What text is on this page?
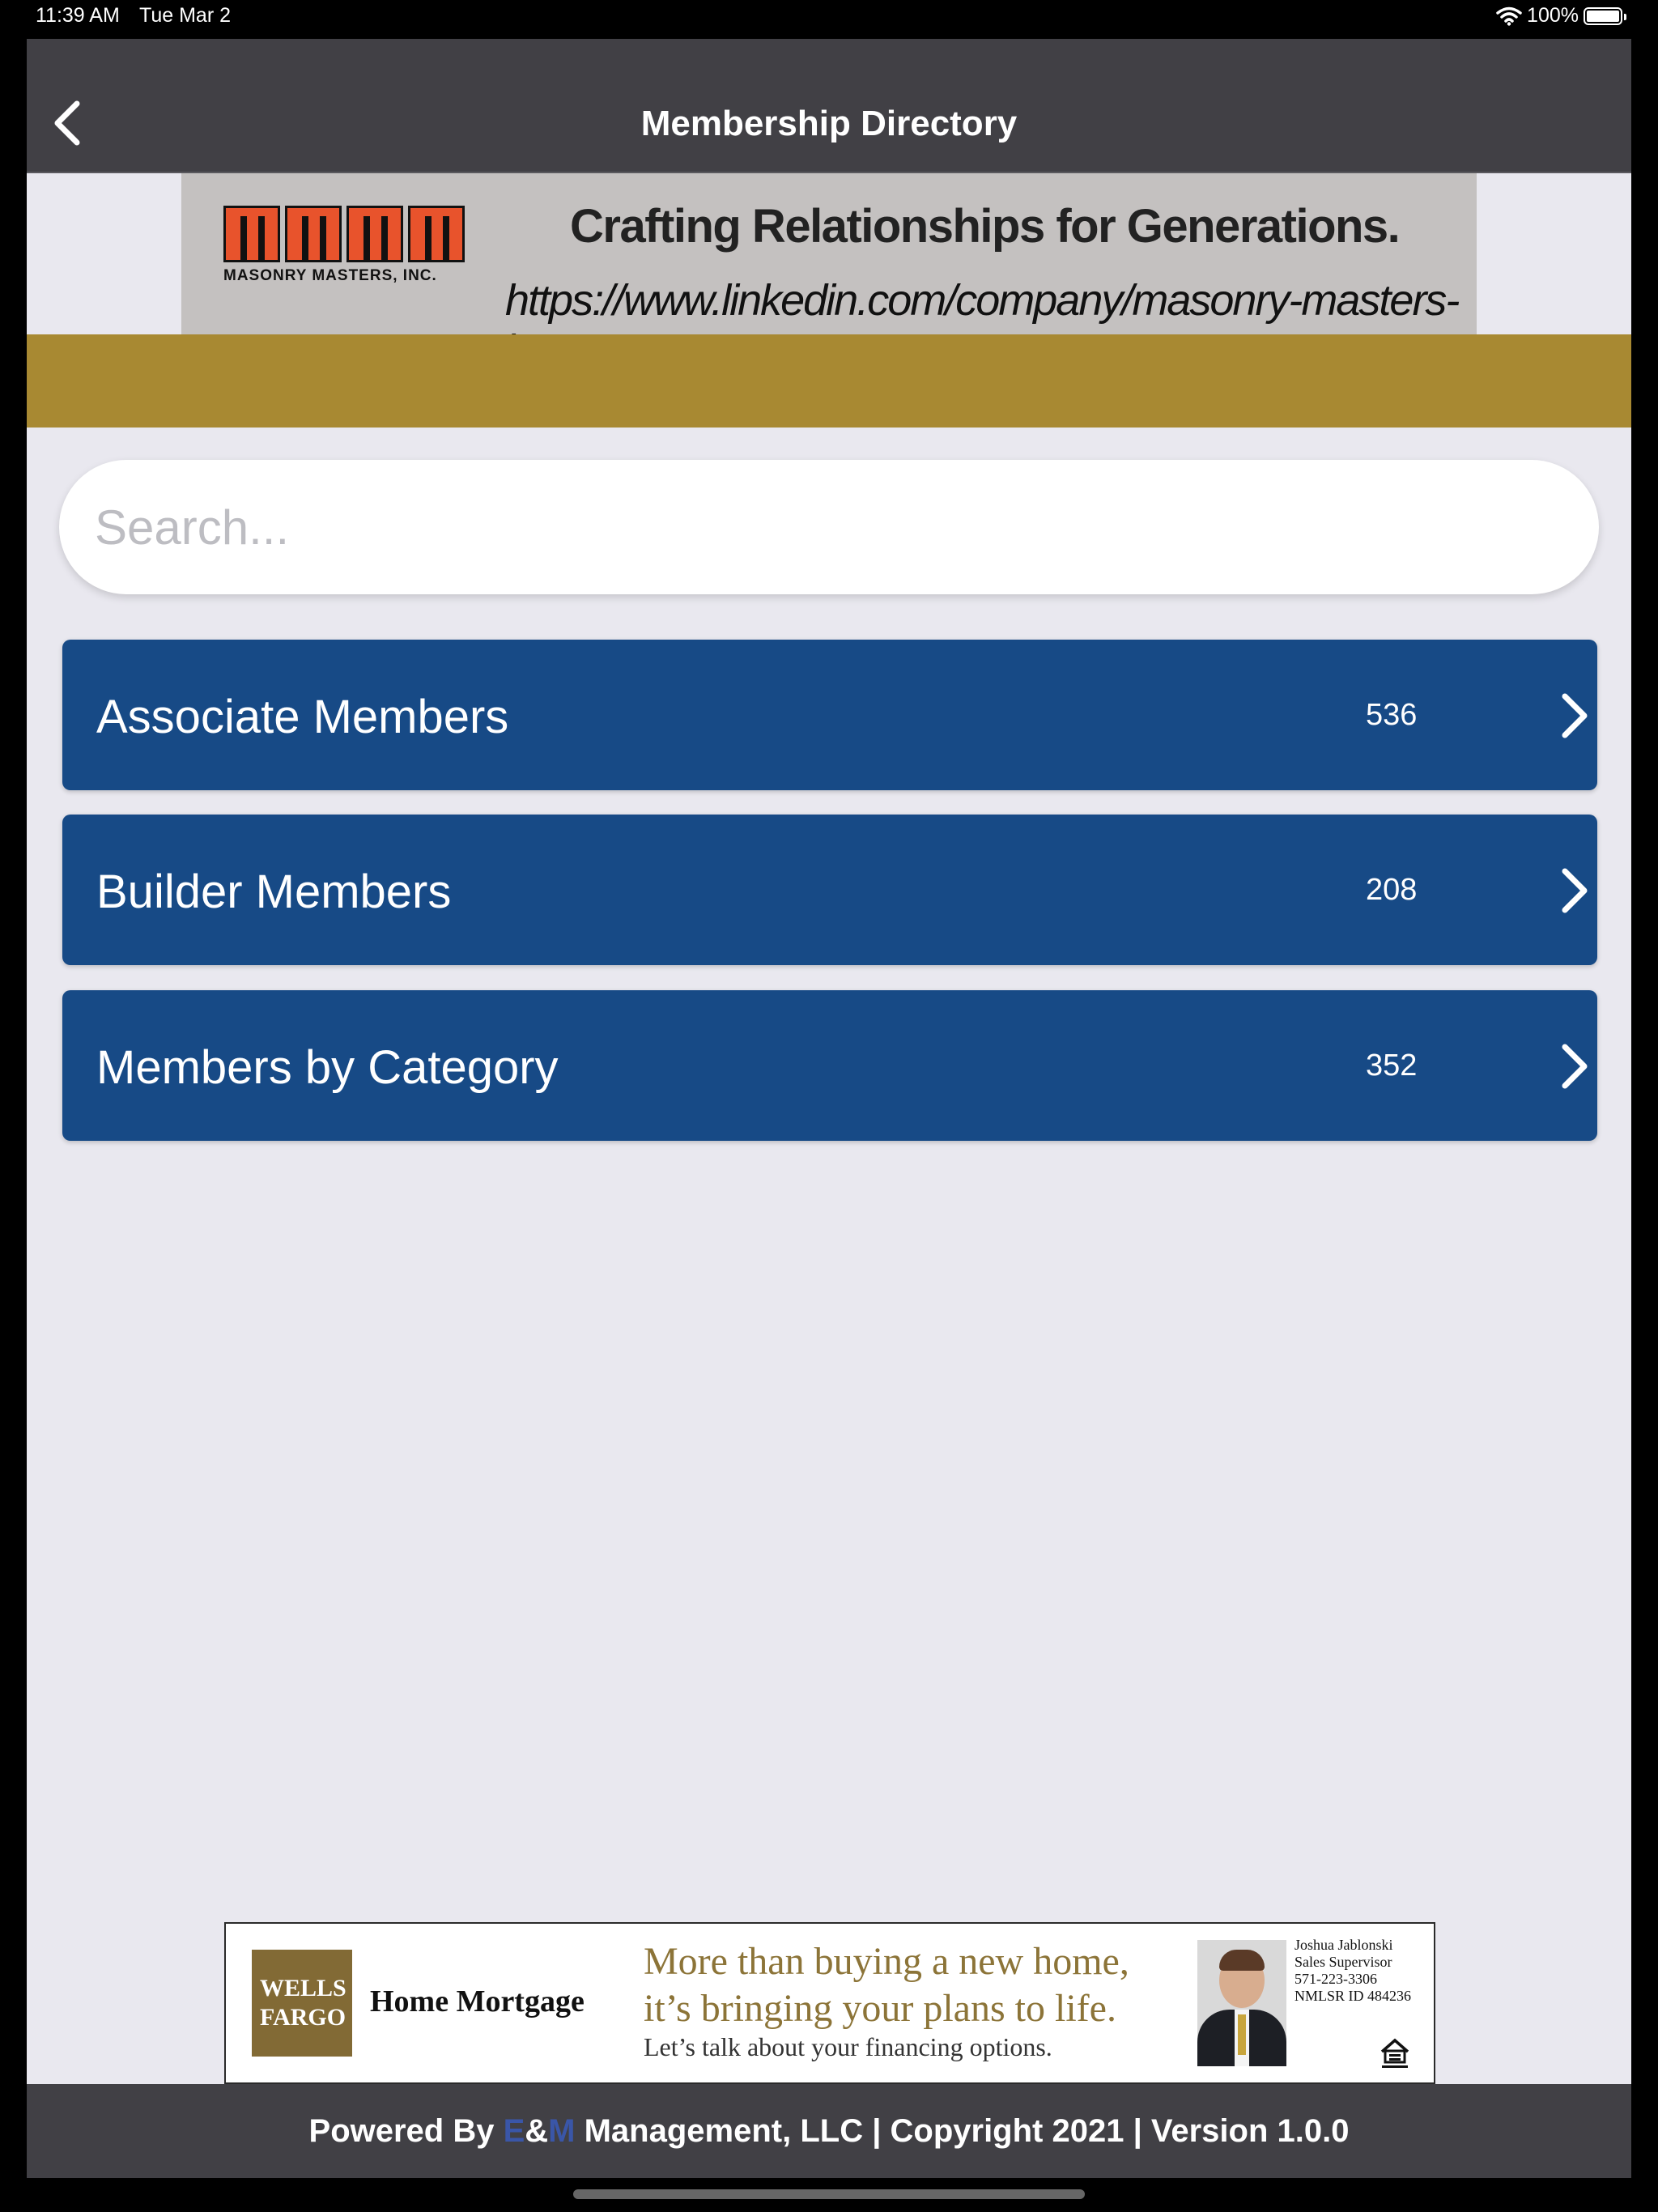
11:39 AM Tue Mar 2	100%
Membership Directory
MASONRY MASTERS, INC.
Crafting Relationships for Generations.
https://www.linkedin.com/company/masonry-masters-
Search...
Associate Members	536
Builder Members	208
Members by Category	352
WELLS
FARGO Home Mortgage
More than buying a new home,
it’s bringing your plans to life.
Let’s talk about your financing options.
Joshua Jablonski
Sales Supervisor
571-223-3306
NMLSR ID 484236
Powered By E&M Management, LLC | Copyright 2021 | Version 1.0.0
